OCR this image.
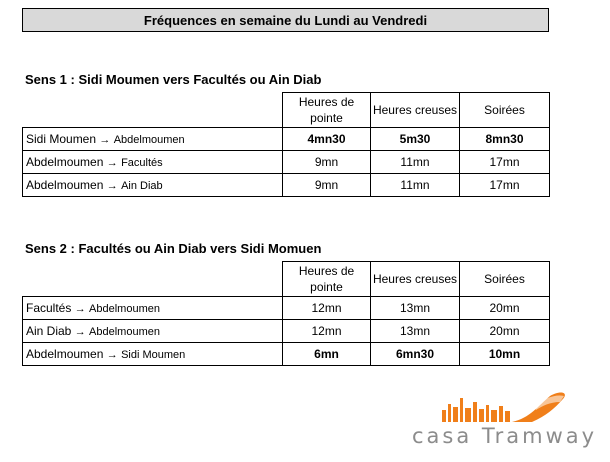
Fréquences en semaine du Lundi au Vendredi
Sens 1 : Sidi Moumen vers Facultés ou Ain Diab
	Heures de pointe	Heures creuses	Soirées
Sidi Moumen → Abdelmoumen	4mn30	5m30	8mn30
Abdelmoumen → Facultés	9mn	11mn	17mn
Abdelmoumen → Ain Diab	9mn	11mn	17mn
Sens 2 : Facultés ou Ain Diab vers Sidi Momuen
	Heures de pointe	Heures creuses	Soirées
Facultés → Abdelmoumen	12mn	13mn	20mn
Ain Diab → Abdelmoumen	12mn	13mn	20mn
Abdelmoumen → Sidi Moumen	6mn	6mn30	10mn
casa Tramway
